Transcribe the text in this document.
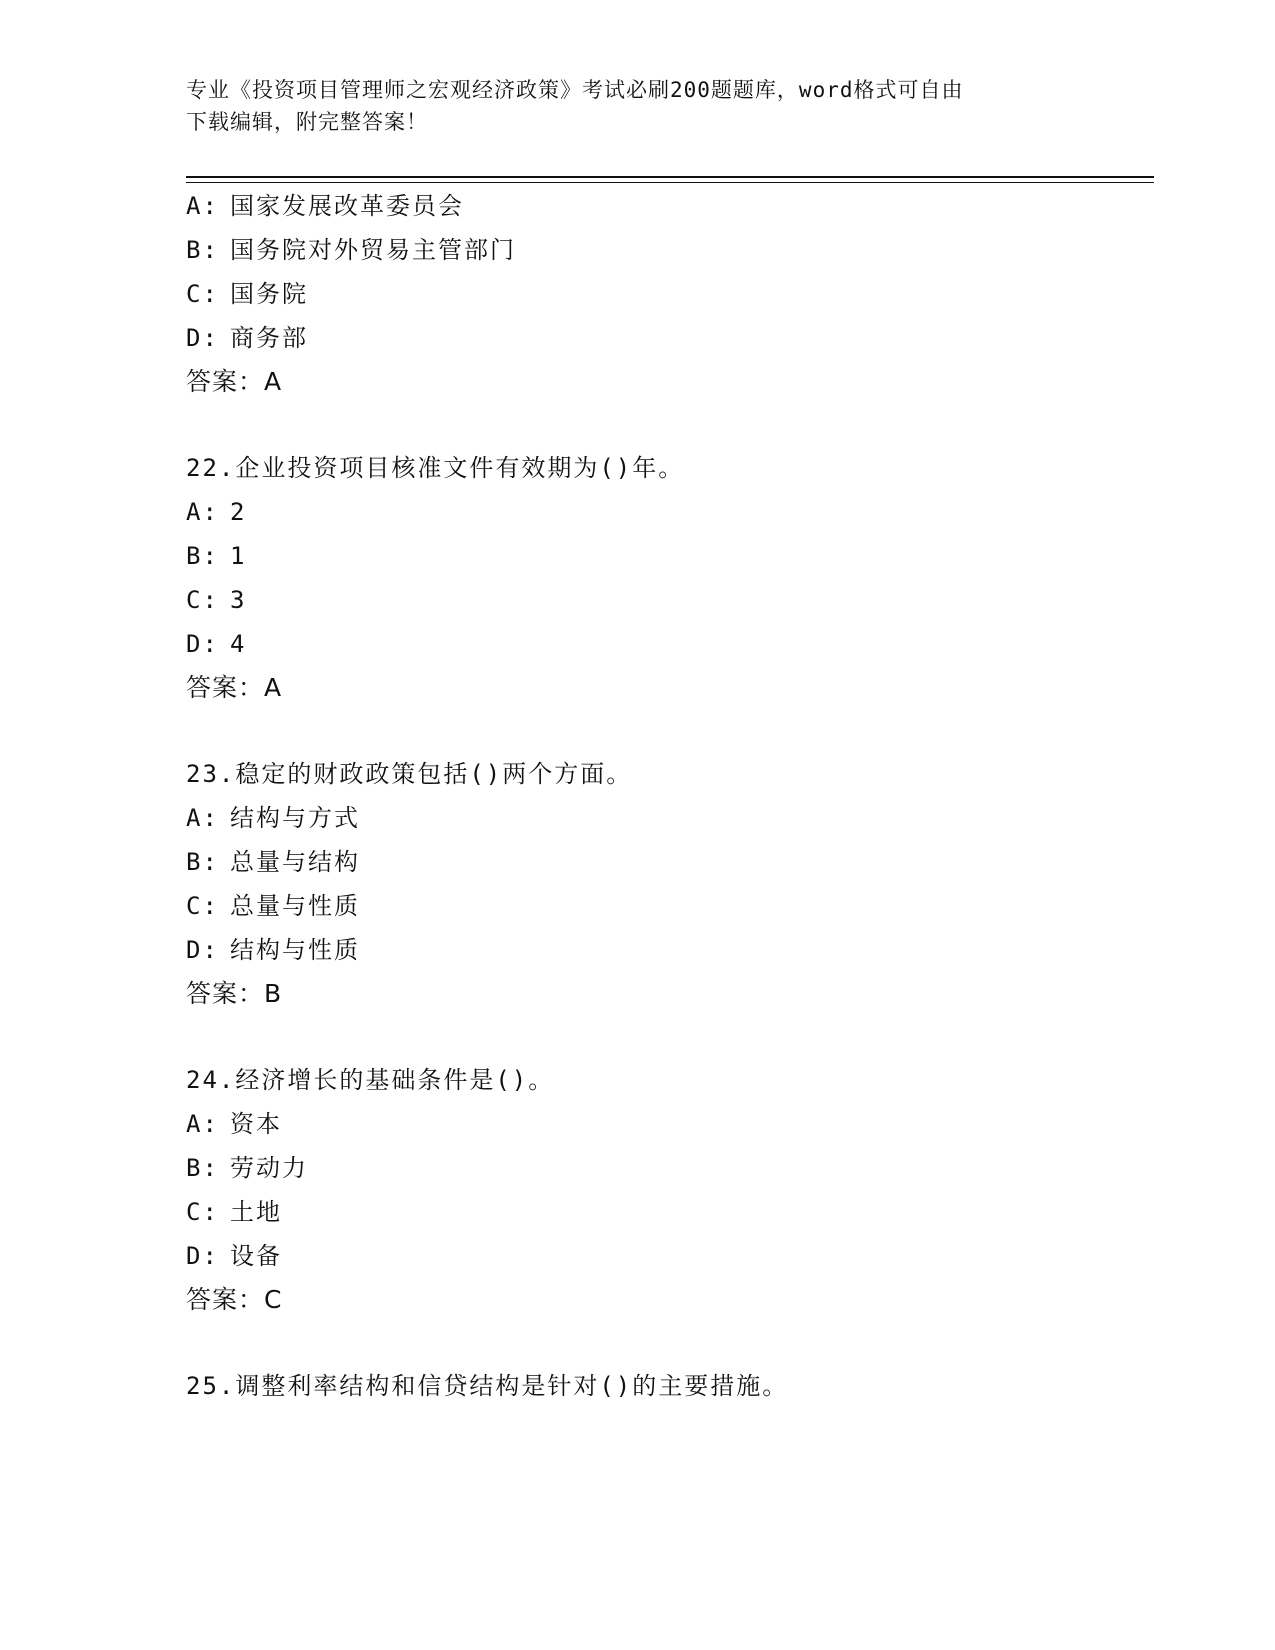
专业《投资项目管理师之宏观经济政策》考试必刷200题题库，word格式可自由
下载编辑，附完整答案！
A: 国家发展改革委员会
B: 国务院对外贸易主管部门
C: 国务院
D: 商务部
答案：A
22.企业投资项目核准文件有效期为()年。
A: 2
B: 1
C: 3
D: 4
答案：A
23.稳定的财政政策包括()两个方面。
A: 结构与方式
B: 总量与结构
C: 总量与性质
D: 结构与性质
答案：B
24.经济增长的基础条件是()。
A: 资本
B: 劳动力
C: 土地
D: 设备
答案：C
25.调整利率结构和信贷结构是针对()的主要措施。
